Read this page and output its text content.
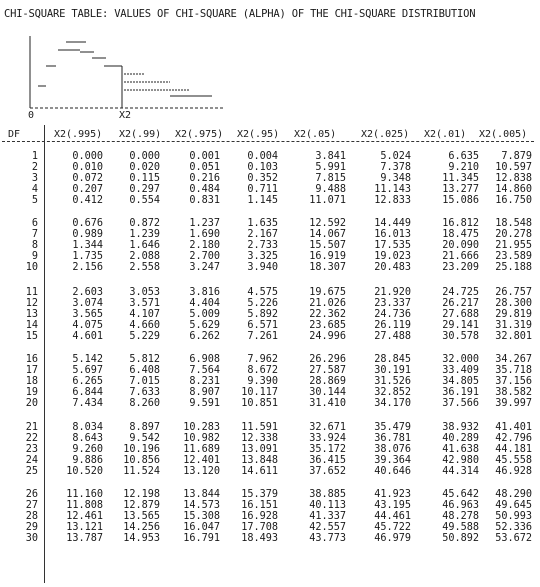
CHI-SQUARE TABLE: VALUES OF CHI-SQUARE (ALPHA) OF THE CHI-SQUARE DISTRIBUTION
0	X2
DF	X2(.995) X2(.99) X2(.975) X2(.95) X2(.05) X2(.025) X2(.01) X2(.005)
1	0.000	0.000	0.001	0.004	3.841	5.024	6.635 7.879
2	0.010	0.020	0.051	0.103	5.991	7.378	9.210 10.597
3	0.072	0.115	0.216	0.352	7.815	9.348	11.345 12.838
4	0.207	0.297	0.484	0.711	9.488	11.143	13.277 14.860
5	0.412	0.554	0.831	1.145	11.071	12.833	15.086 16.750
6	0.676	0.872	1.237	1.635	12.592	14.449	16.812 18.548
7	0.989	1.239	1.690	2.167	14.067	16.013	18.475 20.278
8	1.344	1.646	2.180	2.733	15.507	17.535	20.090 21.955
9	1.735	2.088	2.700	3.325	16.919	19.023	21.666 23.589
10	2.156	2.558	3.247	3.940	18.307	20.483	23.209 25.188
11	2.603	3.053	3.816	4.575	19.675	21.920	24.725 26.757
12	3.074	3.571	4.404	5.226	21.026	23.337	26.217 28.300
13	3.565	4.107	5.009	5.892	22.362	24.736	27.688 29.819
14	4.075	4.660	5.629	6.571	23.685	26.119	29.141 31.319
15	4.601	5.229	6.262	7.261	24.996	27.488	30.578 32.801
16	5.142	5.812	6.908	7.962	26.296	28.845	32.000 34.267
17	5.697	6.408	7.564	8.672	27.587	30.191	33.409 35.718
18	6.265	7.015	8.231	9.390	28.869	31.526	34.805 37.156
19	6.844	7.633	8.907 10.117	30.144	32.852	36.191 38.582
20	7.434	8.260	9.591 10.851	31.410	34.170	37.566 39.997
21	8.034	8.897 10.283 11.591	32.671	35.479	38.932 41.401
22	8.643	9.542 10.982 12.338	33.924	36.781	40.289 42.796
23	9.260 10.196 11.689 13.091	35.172	38.076	41.638 44.181
24	9.886 10.856 12.401 13.848	36.415	39.364	42.980 45.558
25	10.520 11.524 13.120 14.611	37.652	40.646	44.314 46.928
26	11.160 12.198 13.844 15.379	38.885	41.923	45.642 48.290
27	11.808 12.879 14.573 16.151	40.113	43.195	46.963 49.645
28	12.461 13.565 15.308 16.928	41.337	44.461	48.278 50.993
29	13.121 14.256 16.047 17.708	42.557	45.722	49.588 52.336
30	13.787 14.953 16.791 18.493	43.773	46.979	50.892 53.672
